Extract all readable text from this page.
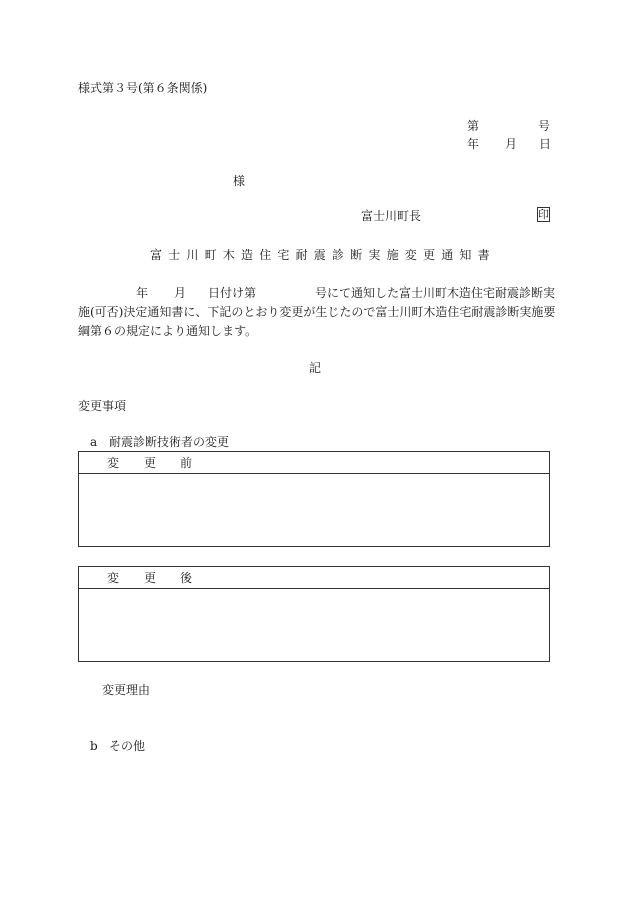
様式第３号(第６条関係)
第	号
年 月 日
様
富士川町長	印
富士川町木造住宅耐震診断実施変更通知書
年 月 日付け第	号にて通知した富士川町木造住宅耐震診断実
施(可否)決定通知書に、下記のとおり変更が生じたので富士川町木造住宅耐震診断実施要
綱第６の規定により通知します。
記
変更事項
a 耐震診断技術者の変更
変 更 前
変 更 後
変更理由
b その他
